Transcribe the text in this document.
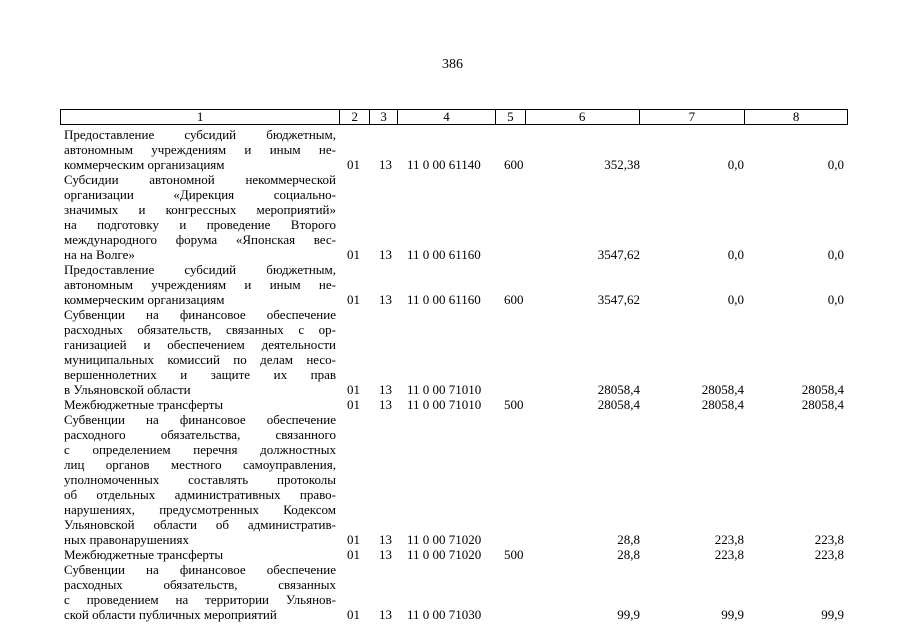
386
1	2	3	4	5	6	7	8
Предоставление субсидий бюджетным,
автономным учреждениям и иным не-
коммерческим организациям	01 13 11 0 00 61140 600	352,38	0,0	0,0
Субсидии автономной некоммерческой
организации «Дирекция социально-
значимых и конгрессных мероприятий»
на подготовку и проведение Второго
международного форума «Японская вес-
на на Волге»	01 13 11 0 00 61160	3547,62	0,0	0,0
Предоставление субсидий бюджетным,
автономным учреждениям и иным не-
коммерческим организациям	01 13 11 0 00 61160 600	3547,62	0,0	0,0
Субвенции на финансовое обеспечение
расходных обязательств, связанных с ор-
ганизацией и обеспечением деятельности
муниципальных комиссий по делам несо-
вершеннолетних и защите их прав
в Ульяновской области	01 13 11 0 00 71010	28058,4	28058,4	28058,4
Межбюджетные трансферты	01 13 11 0 00 71010 500	28058,4	28058,4	28058,4
Субвенции на финансовое обеспечение
расходного обязательства, связанного
с определением перечня должностных
лиц органов местного самоуправления,
уполномоченных составлять протоколы
об отдельных административных право-
нарушениях, предусмотренных Кодексом
Ульяновской области об административ-
ных правонарушениях	01 13 11 0 00 71020	28,8	223,8	223,8
Межбюджетные трансферты	01 13 11 0 00 71020 500	28,8	223,8	223,8
Субвенции на финансовое обеспечение
расходных обязательств, связанных
с проведением на территории Ульянов-
ской области публичных мероприятий	01 13 11 0 00 71030	99,9	99,9	99,9
